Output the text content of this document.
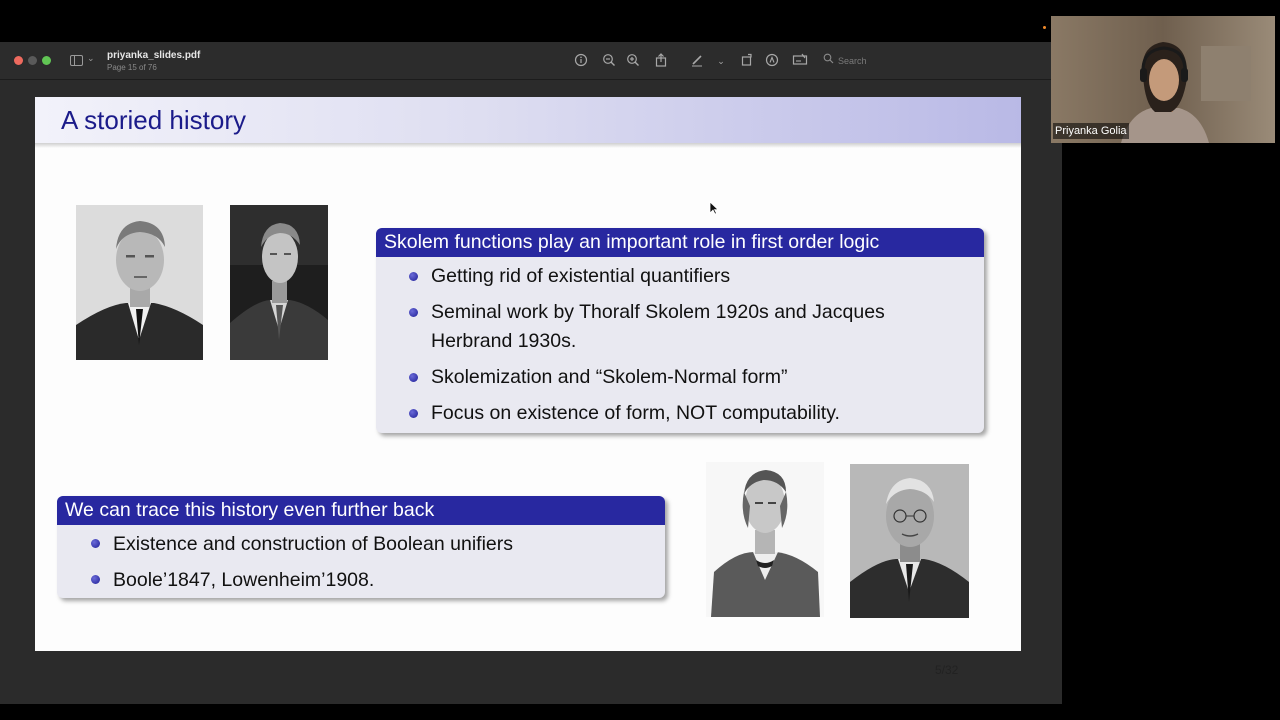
⌄ priyanka_slides.pdf
Page 15 of 76
⌄
Search
A storied history
Skolem functions play an important role in first order logic
Getting rid of existential quantifiers
Seminal work by Thoralf Skolem 1920s and Jacques
Herbrand 1930s.
Skolemization and “Skolem-Normal form”
Focus on existence of form, NOT computability.
We can trace this history even further back
Existence and construction of Boolean unifiers
Boole’1847, Lowenheim’1908.
5/32
Priyanka Golia
